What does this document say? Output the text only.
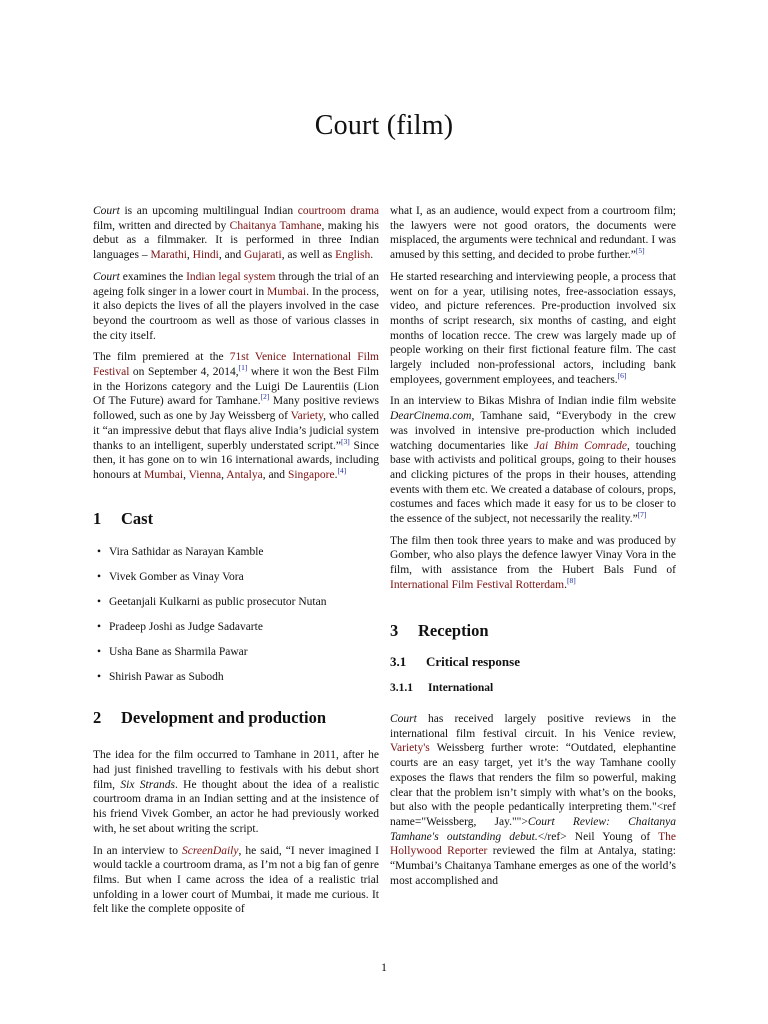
Court (film)

Court is an upcoming multilingual Indian courtroom drama film, written and directed by Chaitanya Tamhane, making his debut as a filmmaker. It is performed in three Indian languages – Marathi, Hindi, and Gujarati, as well as English.

Court examines the Indian legal system through the trial of an ageing folk singer in a lower court in Mumbai. In the process, it also depicts the lives of all the players involved in the case beyond the courtroom as well as those of various classes in the city itself.

The film premiered at the 71st Venice International Film Festival on September 4, 2014,[1] where it won the Best Film in the Horizons category and the Luigi De Laurentiis (Lion Of The Future) award for Tamhane.[2] Many positive reviews followed, such as one by Jay Weissberg of Variety, who called it “an impressive debut that flays alive India’s judicial system thanks to an intelligent, superbly understated script.”[3] Since then, it has gone on to win 16 international awards, including honours at Mumbai, Vienna, Antalya, and Singapore.[4]

1 Cast
• Vira Sathidar as Narayan Kamble
• Vivek Gomber as Vinay Vora
• Geetanjali Kulkarni as public prosecutor Nutan
• Pradeep Joshi as Judge Sadavarte
• Usha Bane as Sharmila Pawar
• Shirish Pawar as Subodh
2 Development and production

The idea for the film occurred to Tamhane in 2011, after he had just finished travelling to festivals with his debut short film, Six Strands. He thought about the idea of a realistic courtroom drama in an Indian setting and at the insistence of his friend Vivek Gomber, an actor he had previously worked with, he set about writing the script.

In an interview to ScreenDaily, he said, “I never imagined I would tackle a courtroom drama, as I’m not a big fan of genre films. But when I came across the idea of a realistic trial unfolding in a lower court of Mumbai, it made me curious. It felt like the complete opposite of

what I, as an audience, would expect from a courtroom film; the lawyers were not good orators, the documents were misplaced, the arguments were technical and redundant. I was amused by this setting, and decided to probe further.”[5]

He started researching and interviewing people, a process that went on for a year, utilising notes, free-association essays, video, and picture references. Pre-production involved six months of script research, six months of casting, and eight months of location recce. The crew was largely made up of people working on their first fictional feature film. The cast largely included non-professional actors, including bank employees, government employees, and teachers.[6]

In an interview to Bikas Mishra of Indian indie film website DearCinema.com, Tamhane said, “Everybody in the crew was involved in intensive pre-production which included watching documentaries like Jai Bhim Comrade, touching base with activists and political groups, going to their houses and clicking pictures of the props in their houses, attending events with them etc. We created a database of colours, props, costumes and faces which made it easy for us to be closer to the essence of the subject, not necessarily the reality.”[7]

The film then took three years to make and was produced by Gomber, who also plays the defence lawyer Vinay Vora in the film, with assistance from the Hubert Bals Fund of International Film Festival Rotterdam.[8]

3 Reception
3.1 Critical response
3.1.1 International

Court has received largely positive reviews in the international film festival circuit. In his Venice review, Variety's Weissberg further wrote: “Outdated, elephantine courts are an easy target, yet it’s the way Tamhane coolly exposes the flaws that renders the film so powerful, making clear that the problem isn’t simply with what’s on the books, but also with the people pedantically interpreting them."<ref name="Weissberg, Jay."">Court Review: Chaitanya Tamhane's outstanding debut.</ref> Neil Young of The Hollywood Reporter reviewed the film at Antalya, stating: “Mumbai’s Chaitanya Tamhane emerges as one of the world’s most accomplished and

1
